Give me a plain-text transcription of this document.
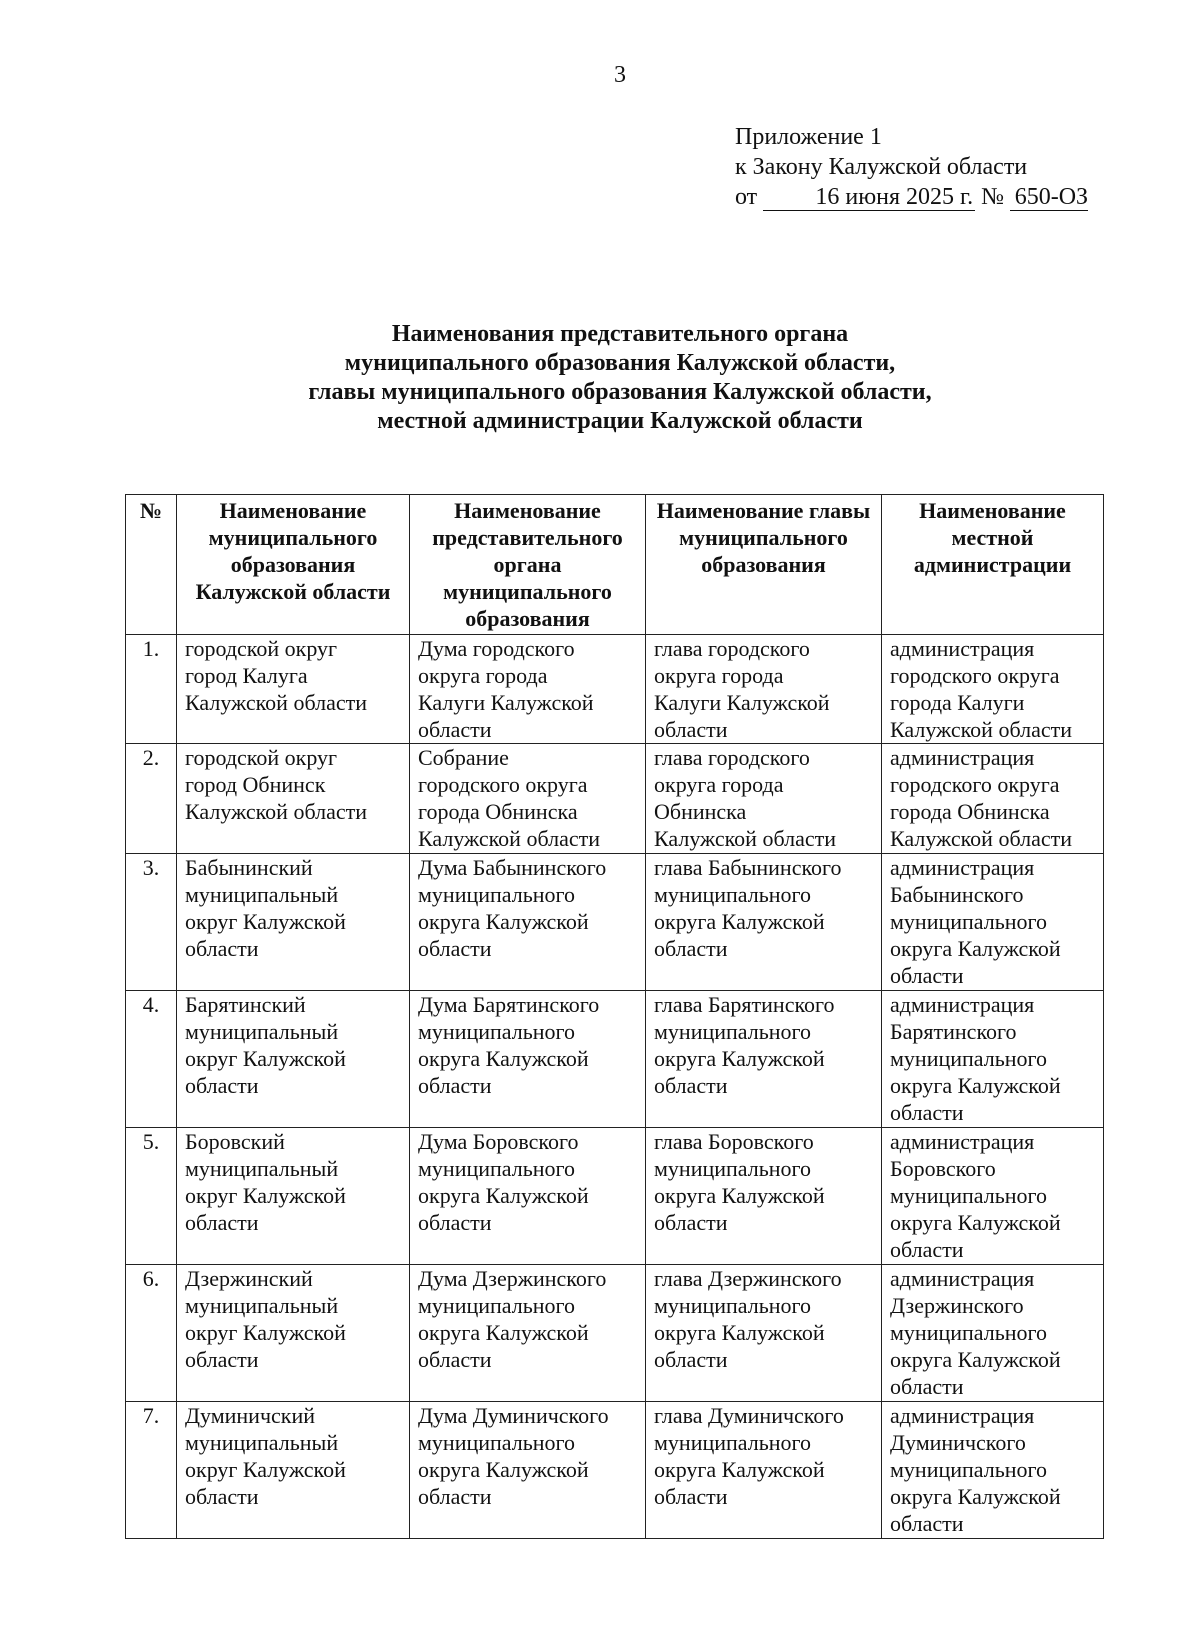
3
Приложение 1
к Закону Калужской области
от 16 июня 2025 г. № 650-ОЗ
Наименования представительного органа
муниципального образования Калужской области,
главы муниципального образования Калужской области,
местной администрации Калужской области
№	Наименование муниципального образования Калужской области	Наименование представительного органа муниципального образования	Наименование главы муниципального образования	Наименование местной администрации
1.	городской округ
город Калуга
Калужской области	Дума городского
округа города
Калуги Калужской
области	глава городского
округа города
Калуги Калужской
области	администрация
городского округа
города Калуги
Калужской области

2.	городской округ
город Обнинск
Калужской области	Собрание
городского округа
города Обнинска
Калужской области	глава городского
округа города
Обнинска
Калужской области	администрация
городского округа
города Обнинска
Калужской области

3.	Бабынинский
муниципальный
округ Калужской
области	Дума Бабынинского
муниципального
округа Калужской
области	глава Бабынинского
муниципального
округа Калужской
области	администрация
Бабынинского
муниципального
округа Калужской
области

4.	Барятинский
муниципальный
округ Калужской
области	Дума Барятинского
муниципального
округа Калужской
области	глава Барятинского
муниципального
округа Калужской
области	администрация
Барятинского
муниципального
округа Калужской
области

5.	Боровский
муниципальный
округ Калужской
области	Дума Боровского
муниципального
округа Калужской
области	глава Боровского
муниципального
округа Калужской
области	администрация
Боровского
муниципального
округа Калужской
области

6.	Дзержинский
муниципальный
округ Калужской
области	Дума Дзержинского
муниципального
округа Калужской
области	глава Дзержинского
муниципального
округа Калужской
области	администрация
Дзержинского
муниципального
округа Калужской
области

7.	Думиничский
муниципальный
округ Калужской
области	Дума Думиничского
муниципального
округа Калужской
области	глава Думиничского
муниципального
округа Калужской
области	администрация
Думиничского
муниципального
округа Калужской
области
